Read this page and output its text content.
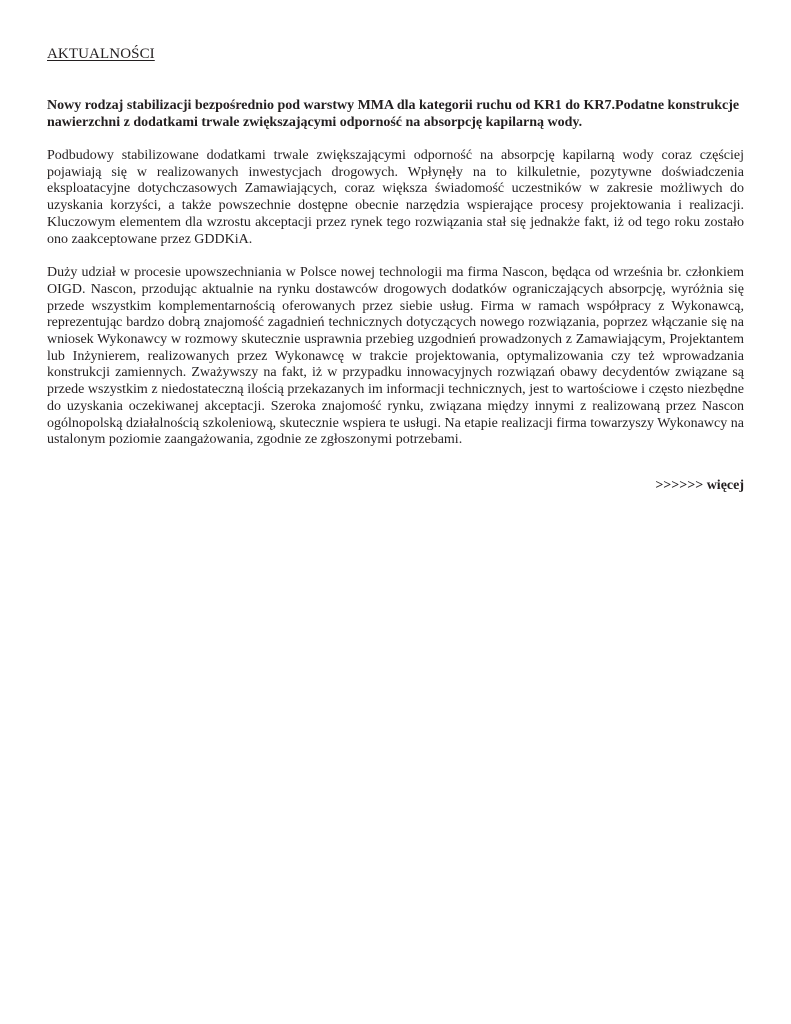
AKTUALNOŚCI
Nowy rodzaj stabilizacji bezpośrednio pod warstwy MMA dla kategorii ruchu od KR1 do KR7.Podatne konstrukcje nawierzchni z dodatkami trwale zwiększającymi odporność na absorpcję kapilarną wody.

Podbudowy stabilizowane dodatkami trwale zwiększającymi odporność na absorpcję kapilarną wody coraz częściej pojawiają się w realizowanych inwestycjach drogowych. Wpłynęły na to kilkuletnie, pozytywne doświadczenia eksploatacyjne dotychczasowych Zamawiających, coraz większa świadomość uczestników w zakresie możliwych do uzyskania korzyści, a także powszechnie dostępne obecnie narzędzia wspierające procesy projektowania i realizacji. Kluczowym elementem dla wzrostu akceptacji przez rynek tego rozwiązania stał się jednakże fakt, iż od tego roku zostało ono zaakceptowane przez GDDKiA.

Duży udział w procesie upowszechniania w Polsce nowej technologii ma firma Nascon, będąca od września br. członkiem OIGD. Nascon, przodując aktualnie na rynku dostawców drogowych dodatków ograniczających absorpcję, wyróżnia się przede wszystkim komplementarnością oferowanych przez siebie usług. Firma w ramach współpracy z Wykonawcą, reprezentując bardzo dobrą znajomość zagadnień technicznych dotyczących nowego rozwiązania, poprzez włączanie się na wniosek Wykonawcy w rozmowy skutecznie usprawnia przebieg uzgodnień prowadzonych z Zamawiającym, Projektantem lub Inżynierem, realizowanych przez Wykonawcę w trakcie projektowania, optymalizowania czy też wprowadzania konstrukcji zamiennych. Zważywszy na fakt, iż w przypadku innowacyjnych rozwiązań obawy decydentów związane są przede wszystkim z niedostateczną ilością przekazanych im informacji technicznych, jest to wartościowe i często niezbędne do uzyskania oczekiwanej akceptacji. Szeroka znajomość rynku, związana między innymi z realizowaną przez Nascon ogólnopolską działalnością szkoleniową, skutecznie wspiera te usługi. Na etapie realizacji firma towarzyszy Wykonawcy na ustalonym poziomie zaangażowania, zgodnie ze zgłoszonymi potrzebami.

>>>>>> więcej
